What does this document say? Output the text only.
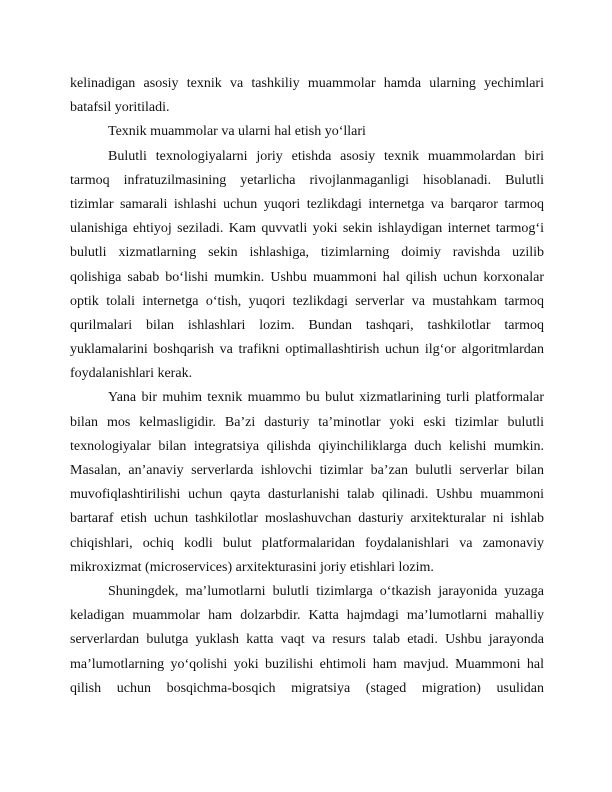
kelinadigan asosiy texnik va tashkiliy muammolar hamda ularning yechimlari
batafsil yoritiladi.
Texnik muammolar va ularni hal etish yo‘llari
Bulutli texnologiyalarni joriy etishda asosiy texnik muammolardan biri
tarmoq infratuzilmasining yetarlicha rivojlanmaganligi hisoblanadi. Bulutli
tizimlar samarali ishlashi uchun yuqori tezlikdagi internetga va barqaror tarmoq
ulanishiga ehtiyoj seziladi. Kam quvvatli yoki sekin ishlaydigan internet tarmog‘i
bulutli xizmatlarning sekin ishlashiga, tizimlarning doimiy ravishda uzilib
qolishiga sabab bo‘lishi mumkin. Ushbu muammoni hal qilish uchun korxonalar
optik tolali internetga o‘tish, yuqori tezlikdagi serverlar va mustahkam tarmoq
qurilmalari bilan ishlashlari lozim. Bundan tashqari, tashkilotlar tarmoq
yuklamalarini boshqarish va trafikni optimallashtirish uchun ilg‘or algoritmlardan
foydalanishlari kerak.
Yana bir muhim texnik muammo bu bulut xizmatlarining turli platformalar
bilan mos kelmasligidir. Ba’zi dasturiy ta’minotlar yoki eski tizimlar bulutli
texnologiyalar bilan integratsiya qilishda qiyinchiliklarga duch kelishi mumkin.
Masalan, an’anaviy serverlarda ishlovchi tizimlar ba’zan bulutli serverlar bilan
muvofiqlashtirilishi uchun qayta dasturlanishi talab qilinadi. Ushbu muammoni
bartaraf etish uchun tashkilotlar moslashuvchan dasturiy arxitekturalar ni ishlab
chiqishlari, ochiq kodli bulut platformalaridan foydalanishlari va zamonaviy
mikroxizmat (microservices) arxitekturasini joriy etishlari lozim.
Shuningdek, ma’lumotlarni bulutli tizimlarga o‘tkazish jarayonida yuzaga
keladigan muammolar ham dolzarbdir. Katta hajmdagi ma’lumotlarni mahalliy
serverlardan bulutga yuklash katta vaqt va resurs talab etadi. Ushbu jarayonda
ma’lumotlarning yo‘qolishi yoki buzilishi ehtimoli ham mavjud. Muammoni hal
qilish uchun bosqichma-bosqich migratsiya (staged migration) usulidan
